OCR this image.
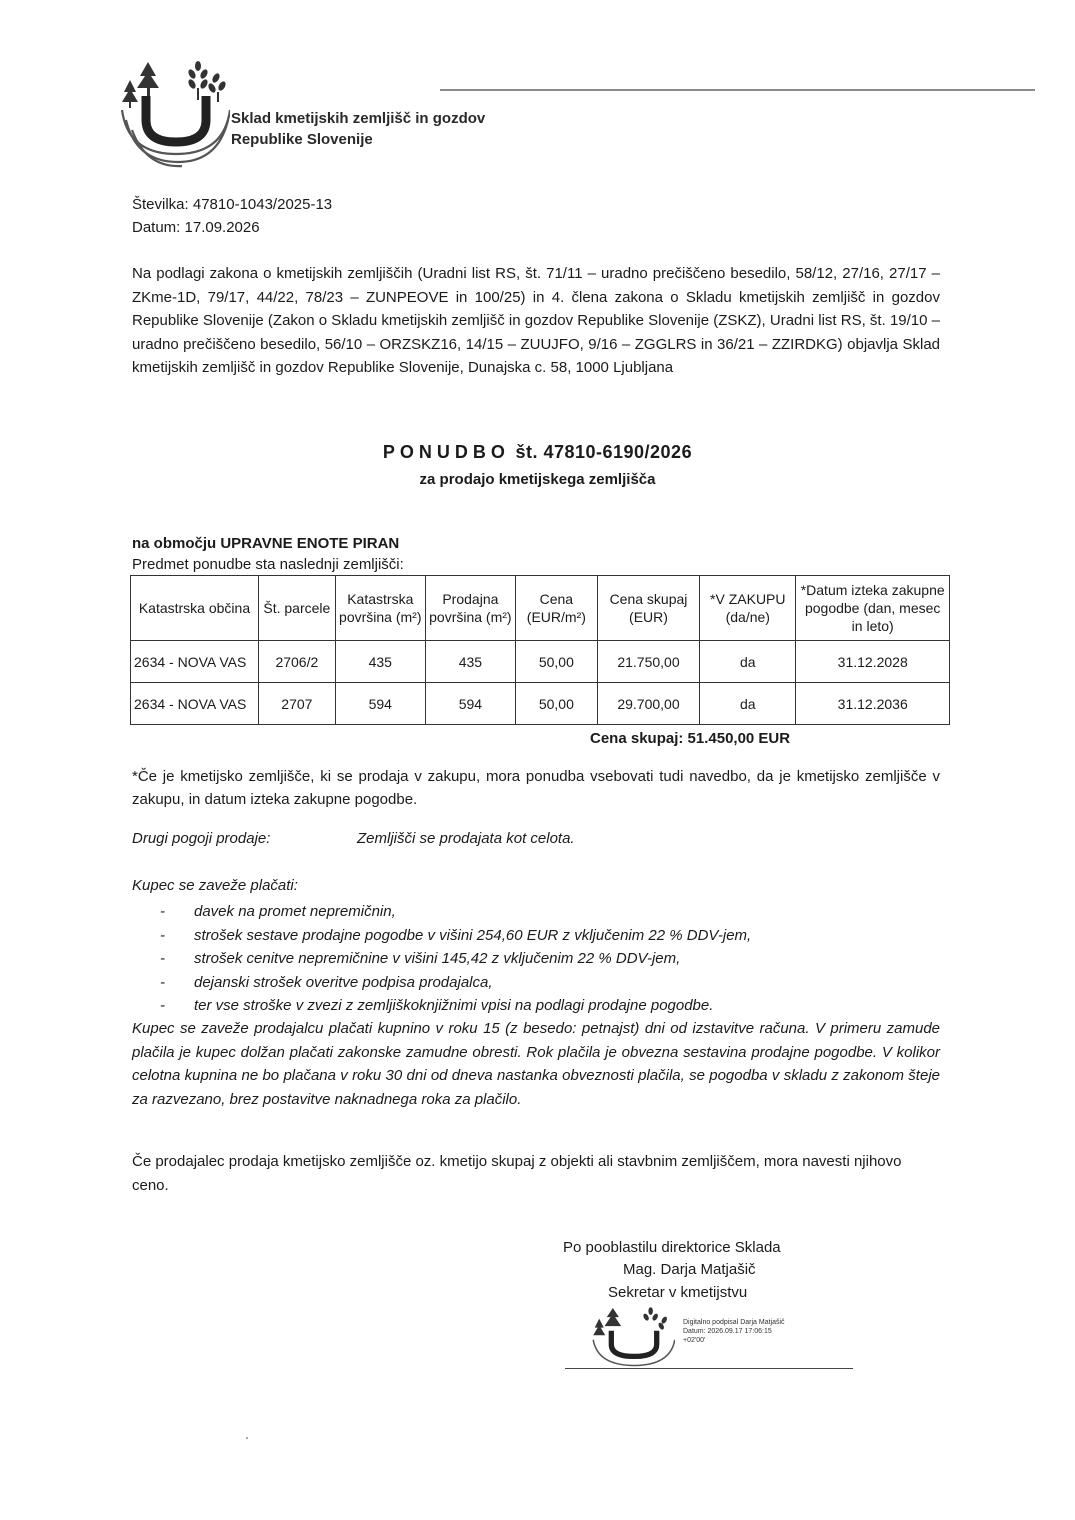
Sklad kmetijskih zemljišč in gozdov
Republike Slovenije
Številka: 47810-1043/2025-13
Datum: 17.09.2026
Na podlagi zakona o kmetijskih zemljiščih (Uradni list RS, št. 71/11 – uradno prečiščeno besedilo, 58/12, 27/16, 27/17 – ZKme-1D, 79/17, 44/22, 78/23 – ZUNPEOVE in 100/25) in 4. člena zakona o Skladu kmetijskih zemljišč in gozdov Republike Slovenije (Zakon o Skladu kmetijskih zemljišč in gozdov Republike Slovenije (ZSKZ), Uradni list RS, št. 19/10 – uradno prečiščeno besedilo, 56/10 – ORZSKZ16, 14/15 – ZUUJFO, 9/16 – ZGGLRS in 36/21 – ZZIRDKG) objavlja Sklad kmetijskih zemljišč in gozdov Republike Slovenije, Dunajska c. 58, 1000 Ljubljana
PONUDBO št. 47810-6190/2026
za prodajo kmetijskega zemljišča
na območju UPRAVNE ENOTE PIRAN
Predmet ponudbe sta naslednji zemljišči:
Katastrska občina	Št. parcele	Katastrska površina (m²)	Prodajna površina (m²)	Cena (EUR/m²)	Cena skupaj (EUR)	*V ZAKUPU (da/ne)	*Datum izteka zakupne pogodbe (dan, mesec in leto)
2634 - NOVA VAS	2706/2	435	435	50,00	21.750,00	da	31.12.2028
2634 - NOVA VAS	2707	594	594	50,00	29.700,00	da	31.12.2036
Cena skupaj: 51.450,00 EUR
*Če je kmetijsko zemljišče, ki se prodaja v zakupu, mora ponudba vsebovati tudi navedbo, da je kmetijsko zemljišče v zakupu, in datum izteka zakupne pogodbe.
Drugi pogoji prodaje:	Zemljišči se prodajata kot celota.
Kupec se zaveže plačati:
- davek na promet nepremičnin,
- strošek sestave prodajne pogodbe v višini 254,60 EUR z vključenim 22 % DDV-jem,
- strošek cenitve nepremičnine v višini 145,42 z vključenim 22 % DDV-jem,
- dejanski strošek overitve podpisa prodajalca,
- ter vse stroške v zvezi z zemljiškoknjižnimi vpisi na podlagi prodajne pogodbe.
Kupec se zaveže prodajalcu plačati kupnino v roku 15 (z besedo: petnajst) dni od izstavitve računa. V primeru zamude plačila je kupec dolžan plačati zakonske zamudne obresti. Rok plačila je obvezna sestavina prodajne pogodbe. V kolikor celotna kupnina ne bo plačana v roku 30 dni od dneva nastanka obveznosti plačila, se pogodba v skladu z zakonom šteje za razvezano, brez postavitve naknadnega roka za plačilo.
Če prodajalec prodaja kmetijsko zemljišče oz. kmetijo skupaj z objekti ali stavbnim zemljiščem, mora navesti njihovo ceno.
Po pooblastilu direktorice Sklada
Mag. Darja Matjašič
Sekretar v kmetijstvu
Digitalno podpisal Darja Matjašič
Datum: 2026.09.17 17:06:15
+02'00'
